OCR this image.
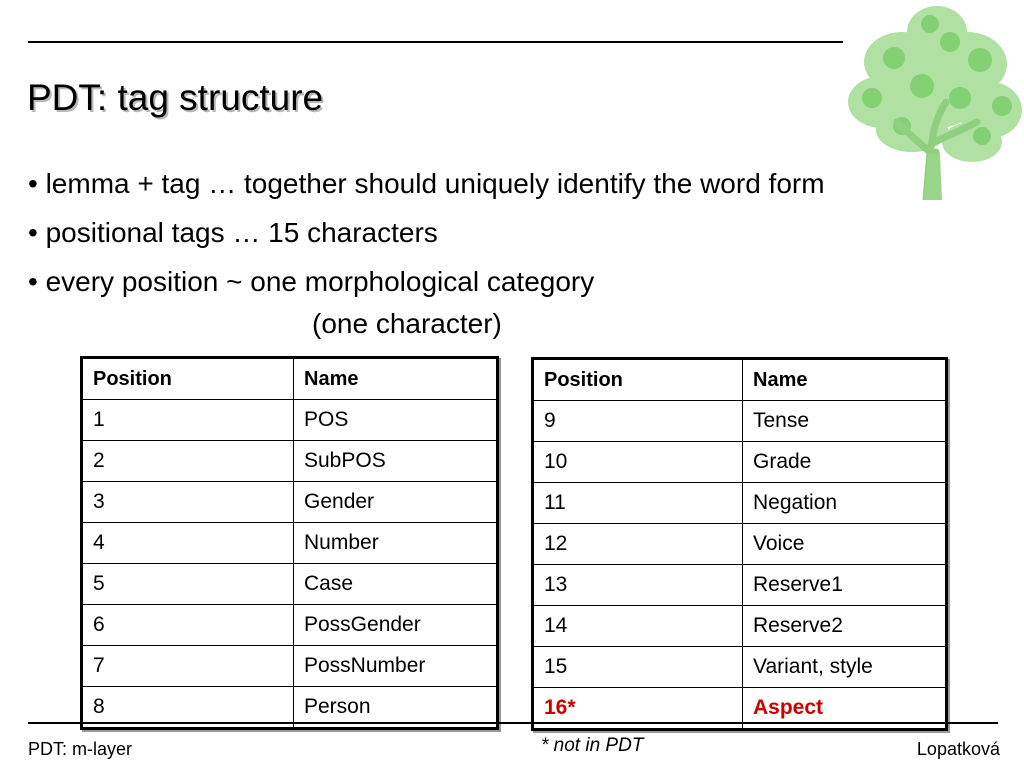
PDT: tag structure
• lemma + tag … together should uniquely identify the word form
• positional tags … 15 characters
• every position ~ one morphological category
(one character)
Position	Name
1	POS
2	SubPOS
3	Gender
4	Number
5	Case
6	PossGender
7	PossNumber
8	Person
Position	Name
9	Tense
10	Grade
11	Negation
12	Voice
13	Reserve1
14	Reserve2
15	Variant, style
16*	Aspect
PDT: m-layer	* not in PDT	Lopatková
